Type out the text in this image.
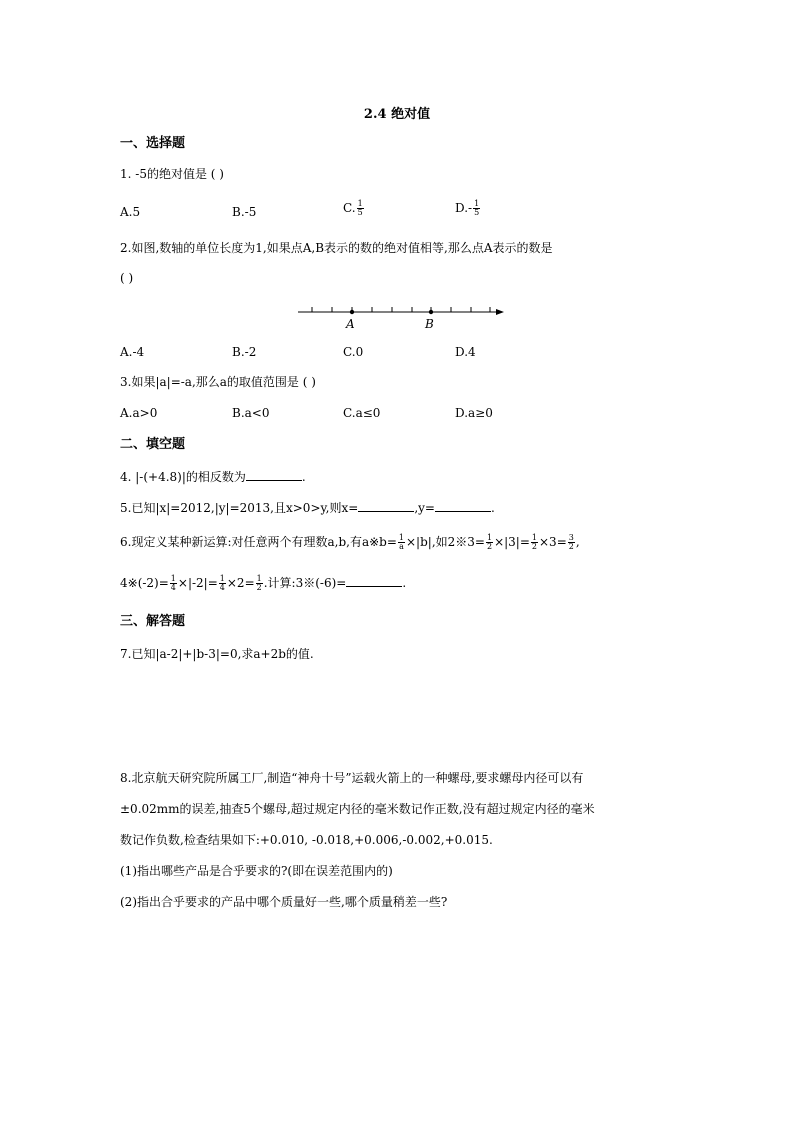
2.4 绝对值
一、选择题
1. -5的绝对值是 ( )
A.5	B.-5	C. $\frac{1}{5}$	$D.- \frac{1}{5}$
2.如图,数轴的单位长度为1,如果点A,B表示的数的绝对值相等,那么点A表示的数是
( )
A	B
A.-4	B.-2	C.0	D.4
3.如果|a|=-a,那么a的取值范围是 ( )
A.a>0	B.a<0	C.a≤0	D.a≥0
二、填空题
4. |-(+4.8)|的相反数为	.
5.已知|x|=2012,|y|=2013,且x>0>y,则x=	,y=	.
6.现定义某种新运算:对任意两个有理数a,b,有a※b= $\frac{1}{a} \times|b|$,如2※3= $\frac{1}{2} \times|3|= \frac{1}{2} \times 3= \frac{3}{2}$ ,
4※(-2)= $\frac{1}{4} \times|-2|= \frac{1}{4} \times 2= \frac{1}{2}$ .计算:3※(-6)=	.
三、解答题
7.已知|a-2|+|b-3|=0,求a+2b的值.
8.北京航天研究院所属工厂,制造“神舟十号”运载火箭上的一种螺母,要求螺母内径可以有
±0.02mm的误差,抽查5个螺母,超过规定内径的毫米数记作正数,没有超过规定内径的毫米
数记作负数,检查结果如下:+0.010, -0.018,+0.006,-0.002,+0.015.
(1)指出哪些产品是合乎要求的?(即在误差范围内的)
(2)指出合乎要求的产品中哪个质量好一些,哪个质量稍差一些?
